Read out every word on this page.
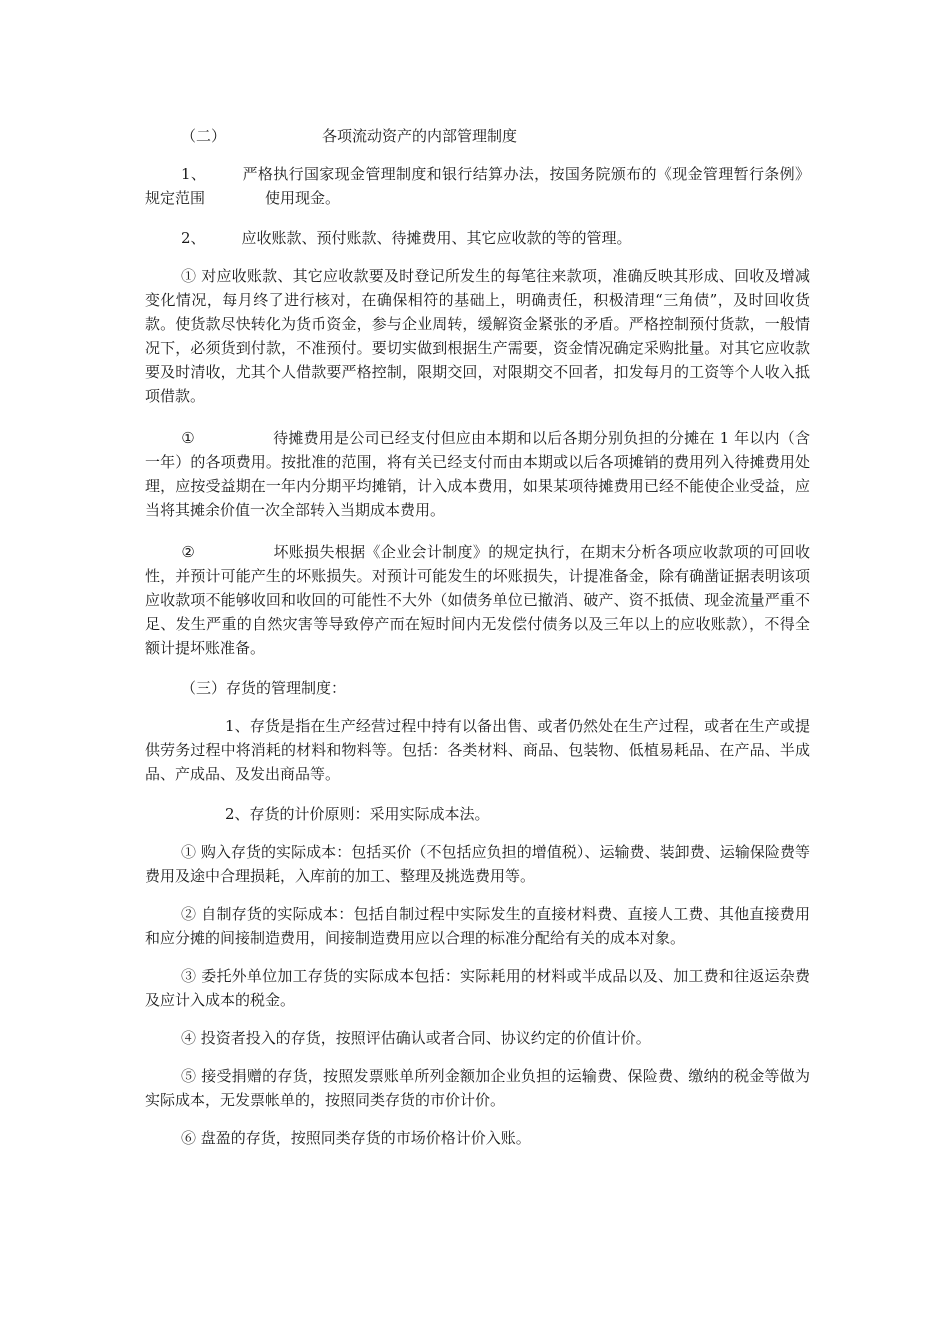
（二）	各项流动资产的内部管理制度

1、 严格执行国家现金管理制度和银行结算办法，按国务院颁布的《现金管理暂行条例》规定范围	使用现金。

2、 应收账款、预付账款、待摊费用、其它应收款的等的管理。

① 对应收账款、其它应收款要及时登记所发生的每笔往来款项，准确反映其形成、回收及增减变化情况，每月终了进行核对，在确保相符的基础上，明确责任，积极清理“三角债”，及时回收货款。使货款尽快转化为货币资金，参与企业周转，缓解资金紧张的矛盾。严格控制预付货款，一般情况下，必须货到付款，不准预付。要切实做到根据生产需要，资金情况确定采购批量。对其它应收款要及时清收，尤其个人借款要严格控制，限期交回，对限期交不回者，扣发每月的工资等个人收入抵项借款。

①	待摊费用是公司已经支付但应由本期和以后各期分别负担的分摊在 1 年以内（含一年）的各项费用。按批准的范围，将有关已经支付而由本期或以后各项摊销的费用列入待摊费用处理，应按受益期在一年内分期平均摊销，计入成本费用，如果某项待摊费用已经不能使企业受益，应当将其摊余价值一次全部转入当期成本费用。

②	坏账损失根据《企业会计制度》的规定执行，在期末分析各项应收款项的可回收性，并预计可能产生的坏账损失。对预计可能发生的坏账损失，计提准备金，除有确凿证据表明该项应收款项不能够收回和收回的可能性不大外（如债务单位已撤消、破产、资不抵债、现金流量严重不足、发生严重的自然灾害等导致停产而在短时间内无发偿付债务以及三年以上的应收账款），不得全额计提坏账准备。

（三）存货的管理制度：

1、存货是指在生产经营过程中持有以备出售、或者仍然处在生产过程，或者在生产或提供劳务过程中将消耗的材料和物料等。包括：各类材料、商品、包装物、低植易耗品、在产品、半成品、产成品、及发出商品等。

2、存货的计价原则：采用实际成本法。

① 购入存货的实际成本：包括买价（不包括应负担的增值税）、运输费、装卸费、运输保险费等费用及途中合理损耗，入库前的加工、整理及挑选费用等。

② 自制存货的实际成本：包括自制过程中实际发生的直接材料费、直接人工费、其他直接费用和应分摊的间接制造费用，间接制造费用应以合理的标准分配给有关的成本对象。

③ 委托外单位加工存货的实际成本包括：实际耗用的材料或半成品以及、加工费和往返运杂费及应计入成本的税金。

④ 投资者投入的存货，按照评估确认或者合同、协议约定的价值计价。

⑤ 接受捐赠的存货，按照发票账单所列金额加企业负担的运输费、保险费、缴纳的税金等做为实际成本，无发票帐单的，按照同类存货的市价计价。

⑥ 盘盈的存货，按照同类存货的市场价格计价入账。
